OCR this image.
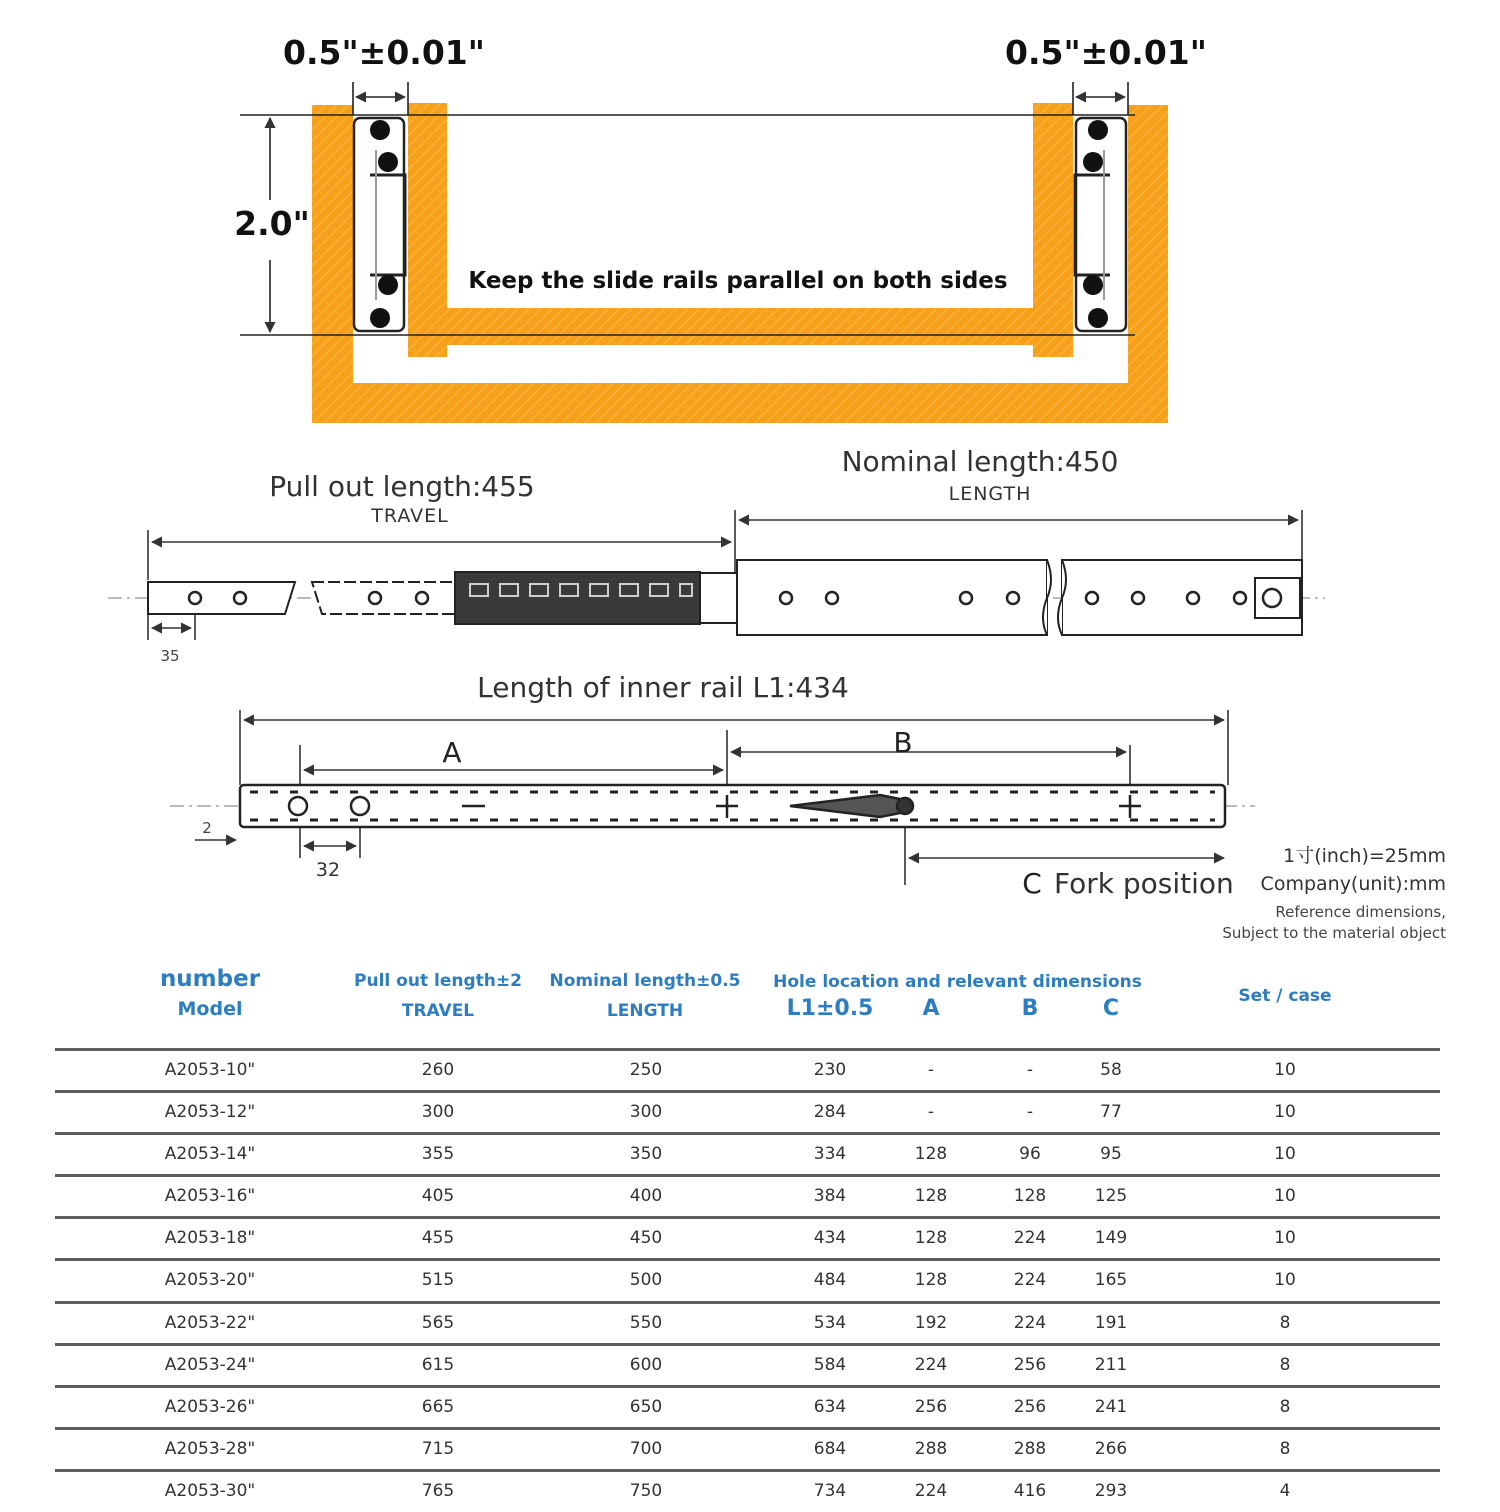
0.5"±0.01"	0.5"±0.01"
2.0"
Keep the slide rails parallel on both sides
Pull out length:455
TRAVEL
Nominal length:450
LENGTH
35
Length of inner rail L1:434
A	B
2
32	C Fork position
1寸(inch)=25mm
Company(unit):mm
Reference dimensions,
Subject to the material object
number
Model
Pull out length±2
TRAVEL
Nominal length±0.5
LENGTH
Hole location and relevant dimensions
L1±0.5	A	B	C	Set / case
A2053-10"	260	250	230	-	-	58	10
A2053-12"	300	300	284	-	-	77	10
A2053-14"	355	350	334	128	96	95	10
A2053-16"	405	400	384	128	128	125	10
A2053-18"	455	450	434	128	224	149	10
A2053-20"	515	500	484	128	224	165	10
A2053-22"	565	550	534	192	224	191	8
A2053-24"	615	600	584	224	256	211	8
A2053-26"	665	650	634	256	256	241	8
A2053-28"	715	700	684	288	288	266	8
A2053-30"	765	750	734	224	416	293	4
